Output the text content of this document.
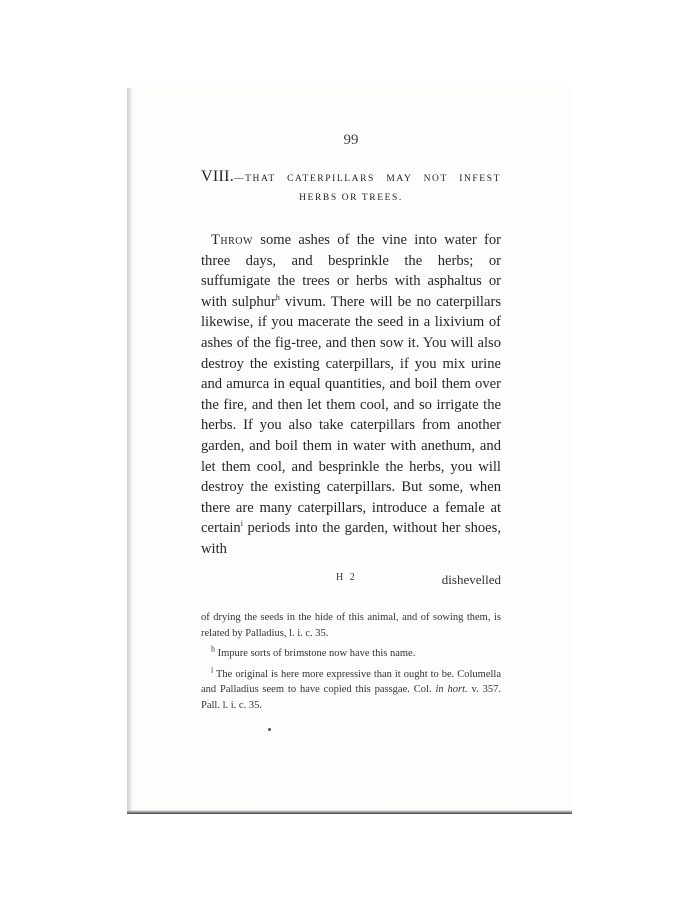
99
VIII.—THAT CATERPILLARS MAY NOT INFEST
HERBS OR TREES.

Throw some ashes of the vine into water for three days, and besprinkle the herbs; or suffumigate the trees or herbs with asphaltus or with sulphur$^h$ vivum. There will be no caterpillars likewise, if you macerate the seed in a lixivium of ashes of the fig-tree, and then sow it. You will also destroy the existing caterpillars, if you mix urine and amurca in equal quantities, and boil them over the fire, and then let them cool, and so irrigate the herbs. If you also take caterpillars from another garden, and boil them in water with anethum, and let them cool, and besprinkle the herbs, you will destroy the existing caterpillars. But some, when there are many caterpillars, introduce a female at certain$^i$ periods into the garden, without her shoes, with

H 2	dishevelled

of drying the seeds in the hide of this animal, and of sowing them, is related by Palladius, l. i. c. 35.

$^h$ Impure sorts of brimstone now have this name.

$^i$ The original is here more expressive than it ought to be. Columella and Palladius seem to have copied this passgae. Col. in hort. v. 357. Pall. l. i. c. 35.
